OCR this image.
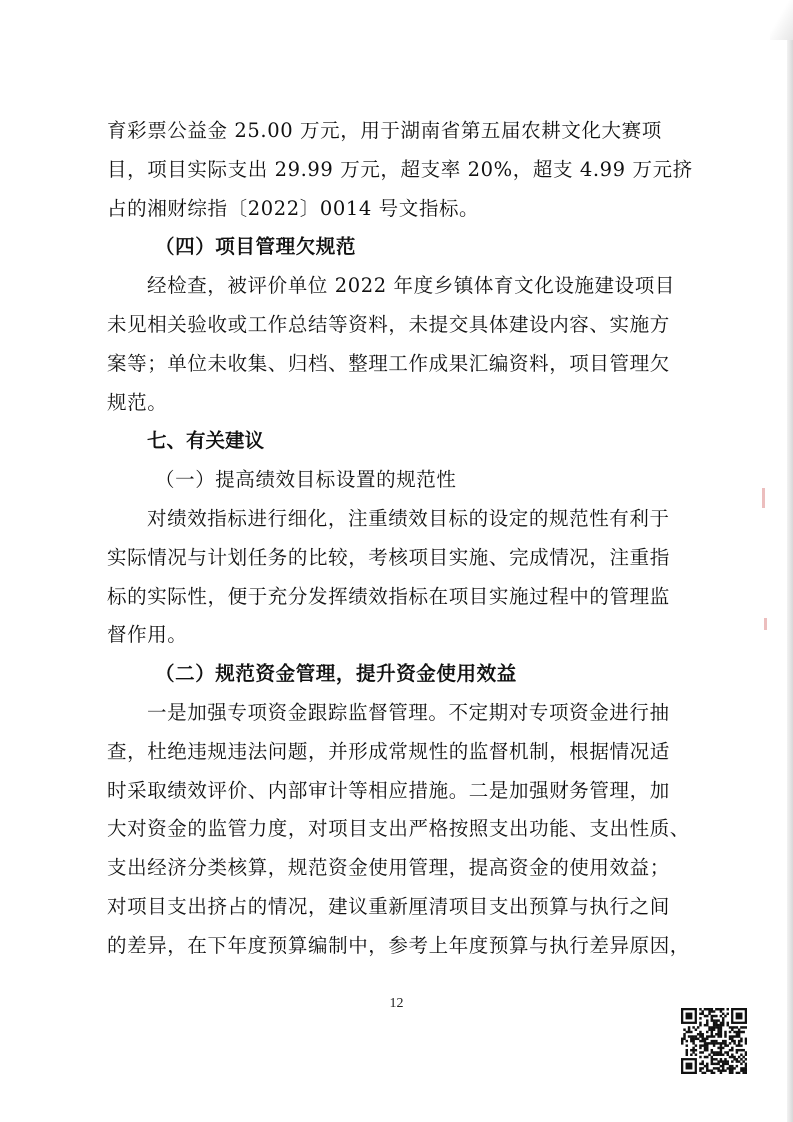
育彩票公益金 25.00 万元，用于湖南省第五届农耕文化大赛项

目，项目实际支出 29.99 万元，超支率 20%，超支 4.99 万元挤

占的湘财综指〔2022〕0014 号文指标。

（四）项目管理欠规范

经检查，被评价单位 2022 年度乡镇体育文化设施建设项目

未见相关验收或工作总结等资料，未提交具体建设内容、实施方

案等；单位未收集、归档、整理工作成果汇编资料，项目管理欠

规范。

七、有关建议

（一）提高绩效目标设置的规范性

对绩效指标进行细化，注重绩效目标的设定的规范性有利于

实际情况与计划任务的比较，考核项目实施、完成情况，注重指

标的实际性，便于充分发挥绩效指标在项目实施过程中的管理监

督作用。

（二）规范资金管理，提升资金使用效益

一是加强专项资金跟踪监督管理。不定期对专项资金进行抽

查，杜绝违规违法问题，并形成常规性的监督机制，根据情况适

时采取绩效评价、内部审计等相应措施。二是加强财务管理，加

大对资金的监管力度，对项目支出严格按照支出功能、支出性质、

支出经济分类核算，规范资金使用管理，提高资金的使用效益；

对项目支出挤占的情况，建议重新厘清项目支出预算与执行之间

的差异，在下年度预算编制中，参考上年度预算与执行差异原因，

12
